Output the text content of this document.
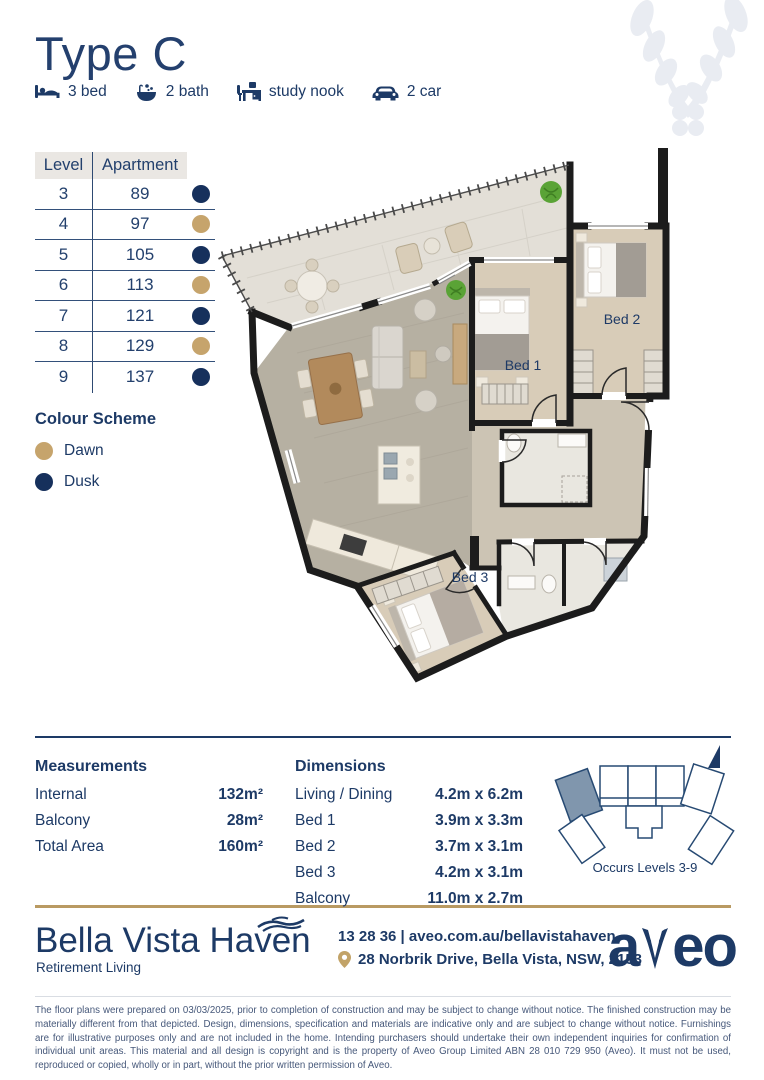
Type C
3 bed	2 bath	study nook	2 car
Level	Apartment
3	89
4	97
5	105
6	113
7	121
8	129
9	137
Colour Scheme
Dawn
Dusk
Bed 1
Bed 2
Bed 3
Measurements
Internal	132m²
Balcony	28m²
Total Area	160m²
Dimensions
Living / Dining	4.2m x 6.2m
Bed 1	3.9m x 3.3m
Bed 2	3.7m x 3.1m
Bed 3	4.2m x 3.1m
Balcony	11.0m x 2.7m
Occurs Levels 3-9
Bella Vista Haven
Retirement Living
13 28 36 | aveo.com.au/bellavistahaven
28 Norbrik Drive, Bella Vista, NSW, 2153
a eo
The floor plans were prepared on 03/03/2025, prior to completion of construction and may be subject to change without notice. The finished construction may be materially different from that depicted. Design, dimensions, specification and materials are indicative only and are subject to change without notice. Furnishings are for illustrative purposes only and are not included in the home. Intending purchasers should undertake their own independent inquiries for confirmation of individual unit areas. This material and all design is copyright and is the property of Aveo Group Limited ABN 28 010 729 950 (Aveo). It must not be used, reproduced or copied, wholly or in part, without the prior written permission of Aveo.
